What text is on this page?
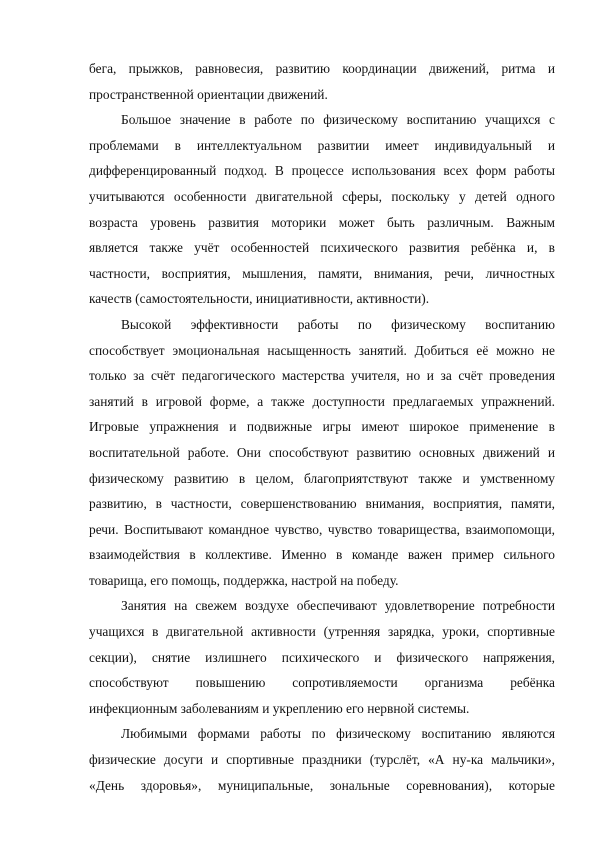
бега, прыжков, равновесия, развитию координации движений, ритма и
пространственной ориентации движений.

Большое значение в работе по физическому воспитанию учащихся с
проблемами в интеллектуальном развитии имеет индивидуальный и
дифференцированный подход. В процессе использования всех форм работы
учитываются особенности двигательной сферы, поскольку у детей одного
возраста уровень развития моторики может быть различным. Важным
является также учёт особенностей психического развития ребёнка и, в
частности, восприятия, мышления, памяти, внимания, речи, личностных
качеств (самостоятельности, инициативности, активности).

Высокой эффективности работы по физическому воспитанию
способствует эмоциональная насыщенность занятий. Добиться её можно не
только за счёт педагогического мастерства учителя, но и за счёт проведения
занятий в игровой форме, а также доступности предлагаемых упражнений.
Игровые упражнения и подвижные игры имеют широкое применение в
воспитательной работе. Они способствуют развитию основных движений и
физическому развитию в целом, благоприятствуют также и умственному
развитию, в частности, совершенствованию внимания, восприятия, памяти,
речи. Воспитывают командное чувство, чувство товарищества, взаимопомощи,
взаимодействия в коллективе. Именно в команде важен пример сильного
товарища, его помощь, поддержка, настрой на победу.

Занятия на свежем воздухе обеспечивают удовлетворение потребности
учащихся в двигательной активности (утренняя зарядка, уроки, спортивные
секции), снятие излишнего психического и физического напряжения,
способствуют повышению сопротивляемости организма ребёнка
инфекционным заболеваниям и укреплению его нервной системы.

Любимыми формами работы по физическому воспитанию являются
физические досуги и спортивные праздники (турслёт, «А ну-ка мальчики»,
«День здоровья», муниципальные, зональные соревнования), которые
